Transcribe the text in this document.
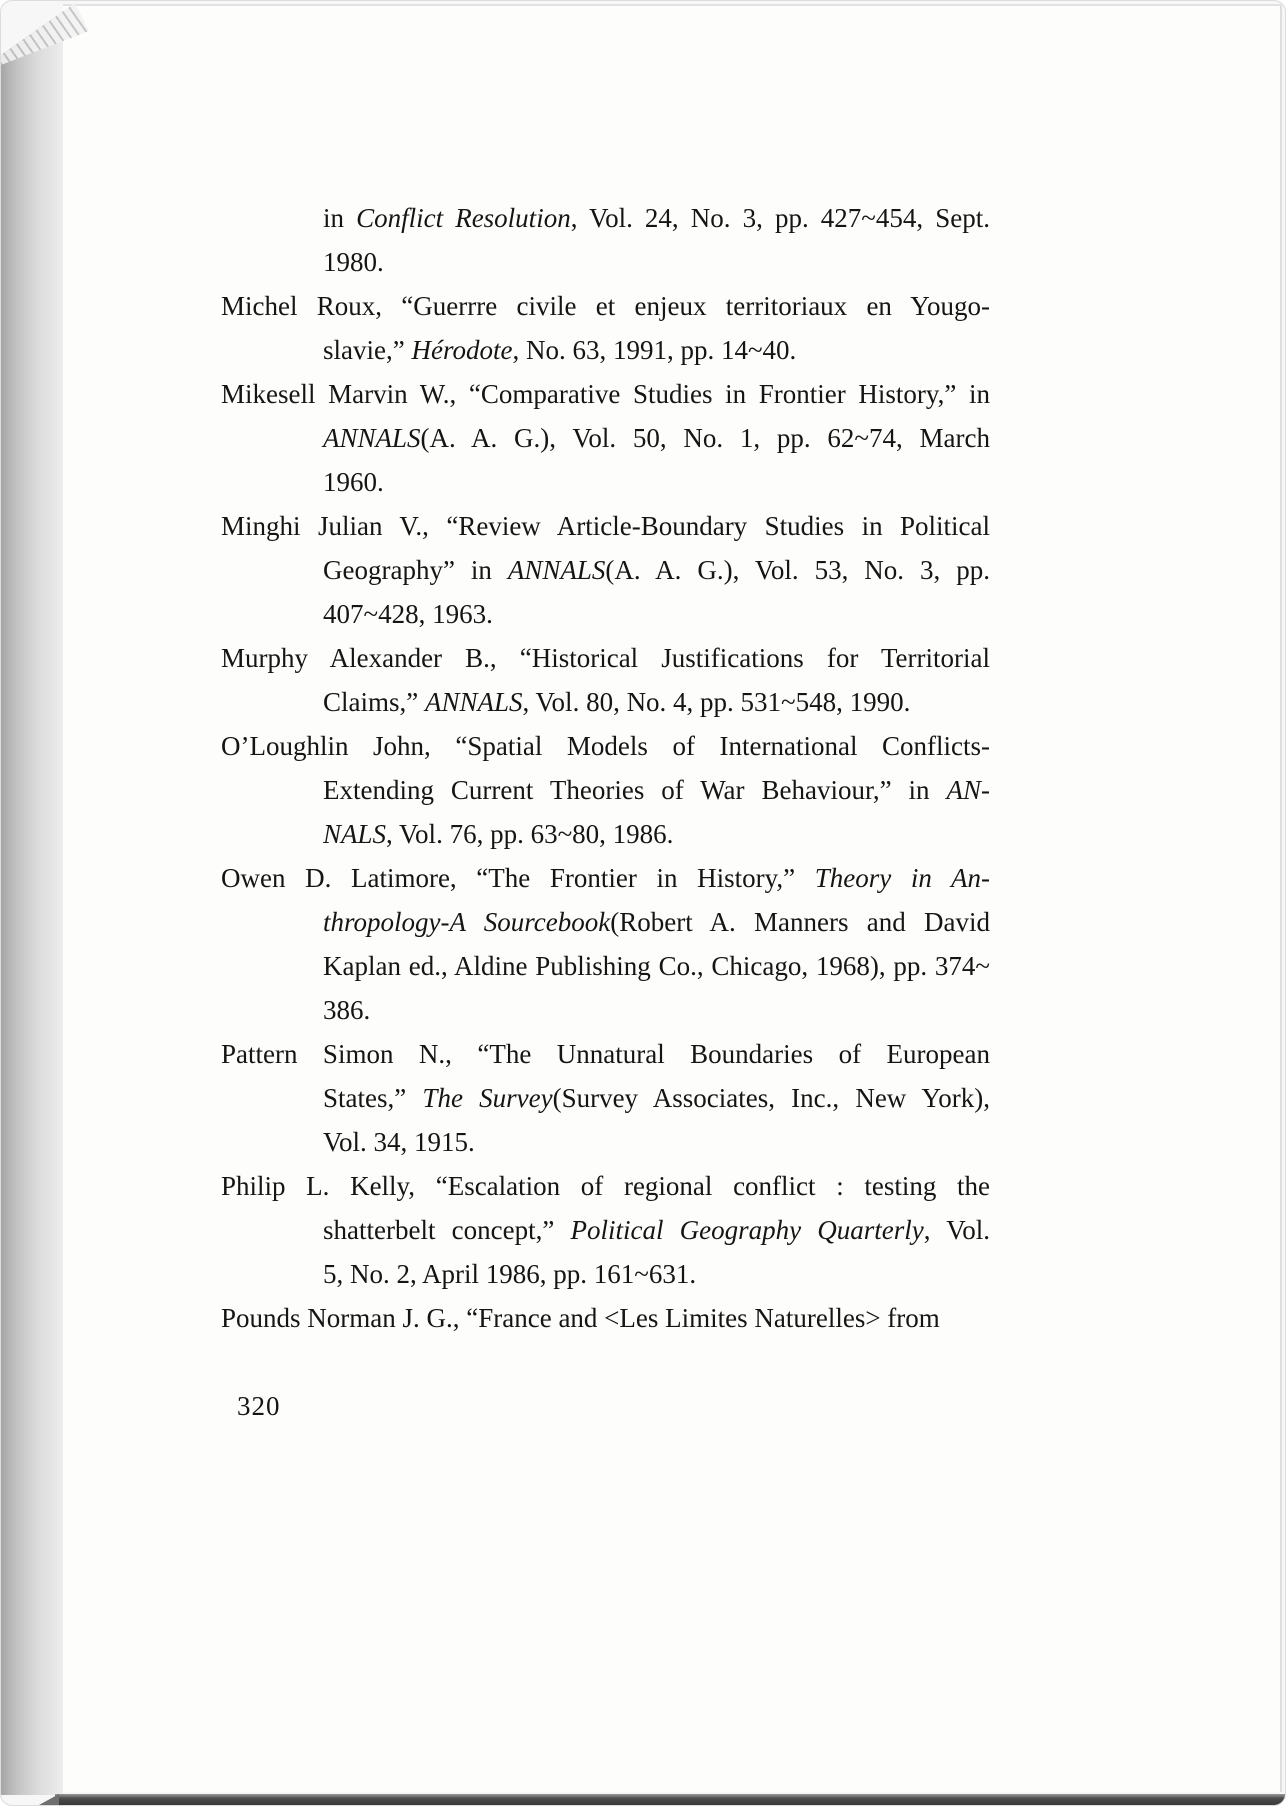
in Conflict Resolution, Vol. 24, No. 3, pp. 427~454, Sept.
1980.
Michel Roux, “Guerrre civile et enjeux territoriaux en Yougo-
slavie,” Hérodote, No. 63, 1991, pp. 14~40.
Mikesell Marvin W., “Comparative Studies in Frontier History,” in
ANNALS(A. A. G.), Vol. 50, No. 1, pp. 62~74, March
1960.
Minghi Julian V., “Review Article-Boundary Studies in Political
Geography” in ANNALS(A. A. G.), Vol. 53, No. 3, pp.
407~428, 1963.
Murphy Alexander B., “Historical Justifications for Territorial
Claims,” ANNALS, Vol. 80, No. 4, pp. 531~548, 1990.
O’Loughlin John, “Spatial Models of International Conflicts-
Extending Current Theories of War Behaviour,” in AN-
NALS, Vol. 76, pp. 63~80, 1986.
Owen D. Latimore, “The Frontier in History,” Theory in An-
thropology-A Sourcebook(Robert A. Manners and David
Kaplan ed., Aldine Publishing Co., Chicago, 1968), pp. 374~
386.
Pattern Simon N., “The Unnatural Boundaries of European
States,” The Survey(Survey Associates, Inc., New York),
Vol. 34, 1915.
Philip L. Kelly, “Escalation of regional conflict : testing the
shatterbelt concept,” Political Geography Quarterly, Vol.
5, No. 2, April 1986, pp. 161~631.
Pounds Norman J. G., “France and <Les Limites Naturelles> from
320
